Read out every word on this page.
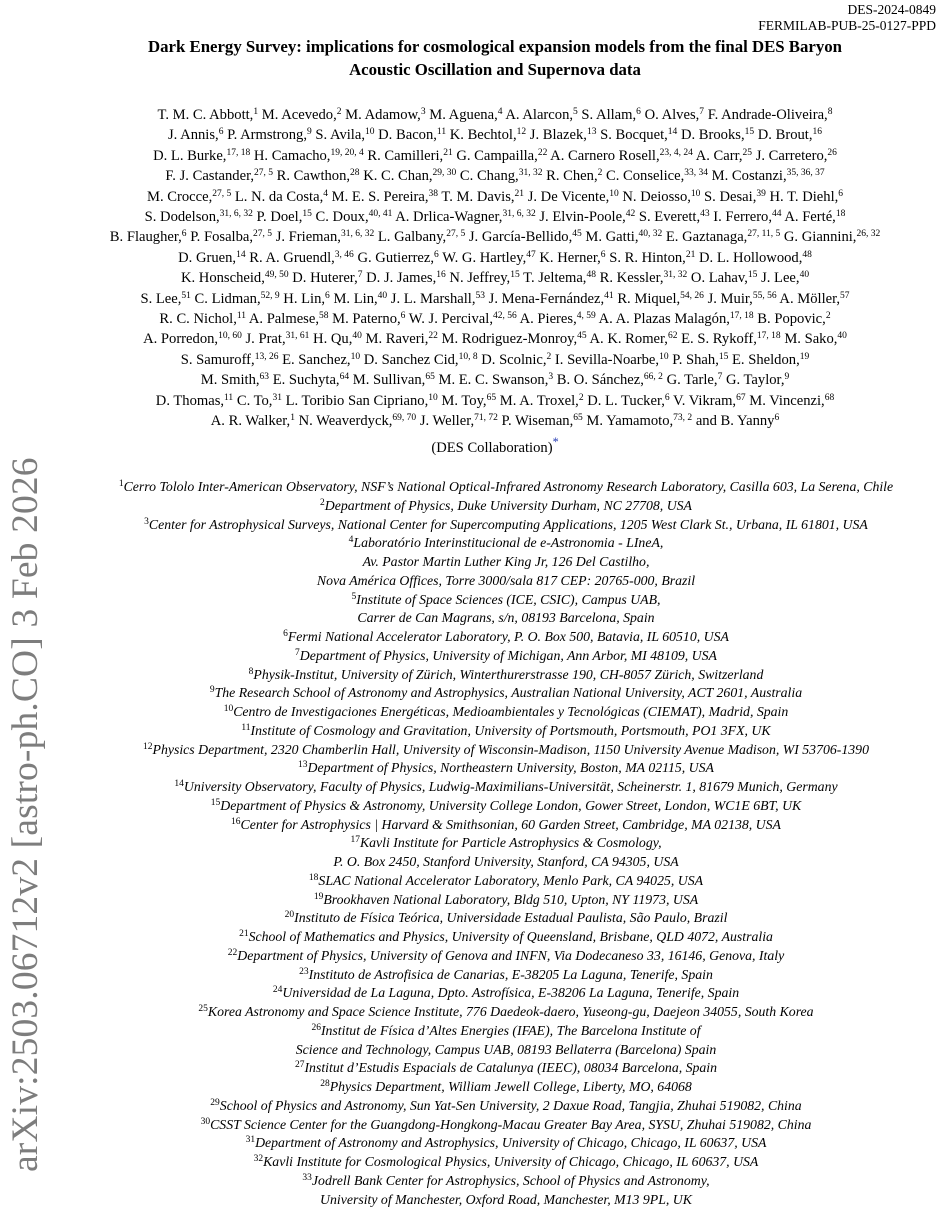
DES-2024-0849
FERMILAB-PUB-25-0127-PPD
arXiv:2503.06712v2 [astro-ph.CO] 3 Feb 2026
Dark Energy Survey: implications for cosmological expansion models from the final DES Baryon
Acoustic Oscillation and Supernova data
T. M. C. Abbott,$^1$ M. Acevedo,$^2$ M. Adamow,$^3$ M. Aguena,$^4$ A. Alarcon,$^5$ S. Allam,$^6$ O. Alves,$^7$ F. Andrade-Oliveira,$^8$
J. Annis,$^6$ P. Armstrong,$^9$ S. Avila,$^{10}$ D. Bacon,$^{11}$ K. Bechtol,$^{12}$ J. Blazek,$^{13}$ S. Bocquet,$^{14}$ D. Brooks,$^{15}$ D. Brout,$^{16}$
D. L. Burke,$^{17, 18}$ H. Camacho,$^{19, 20, 4}$ R. Camilleri,$^{21}$ G. Campailla,$^{22}$ A. Carnero Rosell,$^{23, 4, 24}$ A. Carr,$^{25}$ J. Carretero,$^{26}$
F. J. Castander,$^{27, 5}$ R. Cawthon,$^{28}$ K. C. Chan,$^{29, 30}$ C. Chang,$^{31, 32}$ R. Chen,$^2$ C. Conselice,$^{33, 34}$ M. Costanzi,$^{35, 36, 37}$
M. Crocce,$^{27, 5}$ L. N. da Costa,$^4$ M. E. S. Pereira,$^{38}$ T. M. Davis,$^{21}$ J. De Vicente,$^{10}$ N. Deiosso,$^{10}$ S. Desai,$^{39}$ H. T. Diehl,$^6$
S. Dodelson,$^{31, 6, 32}$ P. Doel,$^{15}$ C. Doux,$^{40, 41}$ A. Drlica-Wagner,$^{31, 6, 32}$ J. Elvin-Poole,$^{42}$ S. Everett,$^{43}$ I. Ferrero,$^{44}$ A. Ferté,$^{18}$
B. Flaugher,$^6$ P. Fosalba,$^{27, 5}$ J. Frieman,$^{31, 6, 32}$ L. Galbany,$^{27, 5}$ J. García-Bellido,$^{45}$ M. Gatti,$^{40, 32}$ E. Gaztanaga,$^{27, 11, 5}$ G. Giannini,$^{26, 32}$
D. Gruen,$^{14}$ R. A. Gruendl,$^{3, 46}$ G. Gutierrez,$^6$ W. G. Hartley,$^{47}$ K. Herner,$^6$ S. R. Hinton,$^{21}$ D. L. Hollowood,$^{48}$
K. Honscheid,$^{49, 50}$ D. Huterer,$^7$ D. J. James,$^{16}$ N. Jeffrey,$^{15}$ T. Jeltema,$^{48}$ R. Kessler,$^{31, 32}$ O. Lahav,$^{15}$ J. Lee,$^{40}$
S. Lee,$^{51}$ C. Lidman,$^{52, 9}$ H. Lin,$^6$ M. Lin,$^{40}$ J. L. Marshall,$^{53}$ J. Mena-Fernández,$^{41}$ R. Miquel,$^{54, 26}$ J. Muir,$^{55, 56}$ A. Möller,$^{57}$
R. C. Nichol,$^{11}$ A. Palmese,$^{58}$ M. Paterno,$^6$ W. J. Percival,$^{42, 56}$ A. Pieres,$^{4, 59}$ A. A. Plazas Malagón,$^{17, 18}$ B. Popovic,$^2$
A. Porredon,$^{10, 60}$ J. Prat,$^{31, 61}$ H. Qu,$^{40}$ M. Raveri,$^{22}$ M. Rodriguez-Monroy,$^{45}$ A. K. Romer,$^{62}$ E. S. Rykoff,$^{17, 18}$ M. Sako,$^{40}$
S. Samuroff,$^{13, 26}$ E. Sanchez,$^{10}$ D. Sanchez Cid,$^{10, 8}$ D. Scolnic,$^2$ I. Sevilla-Noarbe,$^{10}$ P. Shah,$^{15}$ E. Sheldon,$^{19}$
M. Smith,$^{63}$ E. Suchyta,$^{64}$ M. Sullivan,$^{65}$ M. E. C. Swanson,$^3$ B. O. Sánchez,$^{66, 2}$ G. Tarle,$^7$ G. Taylor,$^9$
D. Thomas,$^{11}$ C. To,$^{31}$ L. Toribio San Cipriano,$^{10}$ M. Toy,$^{65}$ M. A. Troxel,$^2$ D. L. Tucker,$^6$ V. Vikram,$^{67}$ M. Vincenzi,$^{68}$
A. R. Walker,$^1$ N. Weaverdyck,$^{69, 70}$ J. Weller,$^{71, 72}$ P. Wiseman,$^{65}$ M. Yamamoto,$^{73, 2}$ and B. Yanny$^6$
(DES Collaboration)*
$^1$Cerro Tololo Inter-American Observatory, NSF’s National Optical-Infrared Astronomy Research Laboratory, Casilla 603, La Serena, Chile
$^2$Department of Physics, Duke University Durham, NC 27708, USA
$^3$Center for Astrophysical Surveys, National Center for Supercomputing Applications, 1205 West Clark St., Urbana, IL 61801, USA
$^4$Laboratório Interinstitucional de e-Astronomia - LIneA,
Av. Pastor Martin Luther King Jr, 126 Del Castilho,
Nova América Offices, Torre 3000/sala 817 CEP: 20765-000, Brazil
$^5$Institute of Space Sciences (ICE, CSIC), Campus UAB,
Carrer de Can Magrans, s/n, 08193 Barcelona, Spain
$^6$Fermi National Accelerator Laboratory, P. O. Box 500, Batavia, IL 60510, USA
$^7$Department of Physics, University of Michigan, Ann Arbor, MI 48109, USA
$^8$Physik-Institut, University of Zürich, Winterthurerstrasse 190, CH-8057 Zürich, Switzerland
$^9$The Research School of Astronomy and Astrophysics, Australian National University, ACT 2601, Australia
$^{10}$Centro de Investigaciones Energéticas, Medioambientales y Tecnológicas (CIEMAT), Madrid, Spain
$^{11}$Institute of Cosmology and Gravitation, University of Portsmouth, Portsmouth, PO1 3FX, UK
$^{12}$Physics Department, 2320 Chamberlin Hall, University of Wisconsin-Madison, 1150 University Avenue Madison, WI 53706-1390
$^{13}$Department of Physics, Northeastern University, Boston, MA 02115, USA
$^{14}$University Observatory, Faculty of Physics, Ludwig-Maximilians-Universität, Scheinerstr. 1, 81679 Munich, Germany
$^{15}$Department of Physics & Astronomy, University College London, Gower Street, London, WC1E 6BT, UK
$^{16}$Center for Astrophysics | Harvard & Smithsonian, 60 Garden Street, Cambridge, MA 02138, USA
$^{17}$Kavli Institute for Particle Astrophysics & Cosmology,
P. O. Box 2450, Stanford University, Stanford, CA 94305, USA
$^{18}$SLAC National Accelerator Laboratory, Menlo Park, CA 94025, USA
$^{19}$Brookhaven National Laboratory, Bldg 510, Upton, NY 11973, USA
$^{20}$Instituto de Física Teórica, Universidade Estadual Paulista, São Paulo, Brazil
$^{21}$School of Mathematics and Physics, University of Queensland, Brisbane, QLD 4072, Australia
$^{22}$Department of Physics, University of Genova and INFN, Via Dodecaneso 33, 16146, Genova, Italy
$^{23}$Instituto de Astrofisica de Canarias, E-38205 La Laguna, Tenerife, Spain
$^{24}$Universidad de La Laguna, Dpto. Astrofísica, E-38206 La Laguna, Tenerife, Spain
$^{25}$Korea Astronomy and Space Science Institute, 776 Daedeok-daero, Yuseong-gu, Daejeon 34055, South Korea
$^{26}$Institut de Física d’Altes Energies (IFAE), The Barcelona Institute of
Science and Technology, Campus UAB, 08193 Bellaterra (Barcelona) Spain
$^{27}$Institut d’Estudis Espacials de Catalunya (IEEC), 08034 Barcelona, Spain
$^{28}$Physics Department, William Jewell College, Liberty, MO, 64068
$^{29}$School of Physics and Astronomy, Sun Yat-Sen University, 2 Daxue Road, Tangjia, Zhuhai 519082, China
$^{30}$CSST Science Center for the Guangdong-Hongkong-Macau Greater Bay Area, SYSU, Zhuhai 519082, China
$^{31}$Department of Astronomy and Astrophysics, University of Chicago, Chicago, IL 60637, USA
$^{32}$Kavli Institute for Cosmological Physics, University of Chicago, Chicago, IL 60637, USA
$^{33}$Jodrell Bank Center for Astrophysics, School of Physics and Astronomy,
University of Manchester, Oxford Road, Manchester, M13 9PL, UK
